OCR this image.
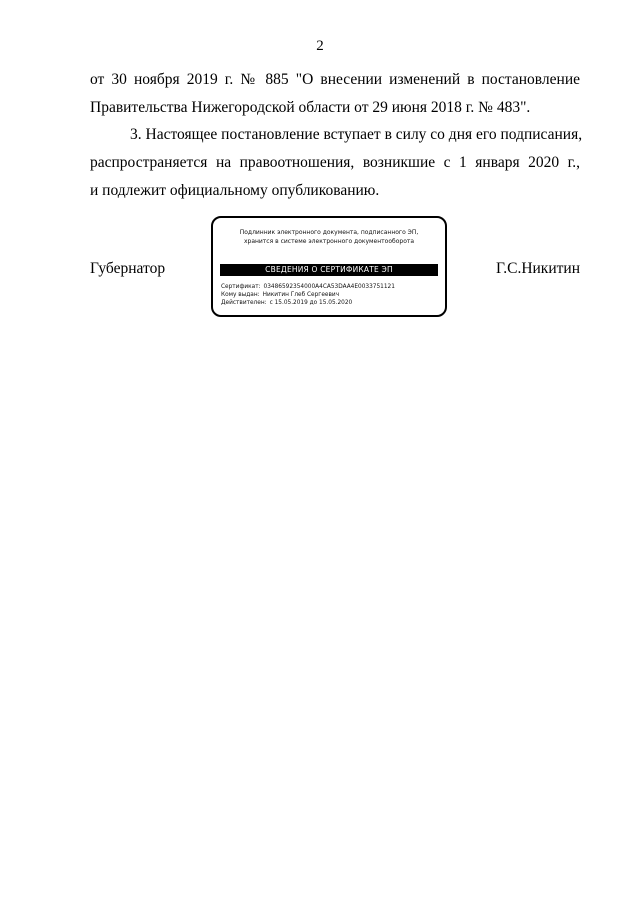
2
от 30 ноября 2019 г. № 885 "О внесении изменений в постановление
Правительства Нижегородской области от 29 июня 2018 г. № 483".
3. Настоящее постановление вступает в силу со дня его подписания,
распространяется на правоотношения, возникшие с 1 января 2020 г.,
и подлежит официальному опубликованию.
Губернатор
Подлинник электронного документа, подписанного ЭП,
хранится в системе электронного документооборота
СВЕДЕНИЯ О СЕРТИФИКАТЕ ЭП
Сертификат: 03486592354000A4CA53DAA4E0033751121
Кому выдан: Никитин Глеб Сергеевич
Действителен: с 15.05.2019 до 15.05.2020
Г.С.Никитин
